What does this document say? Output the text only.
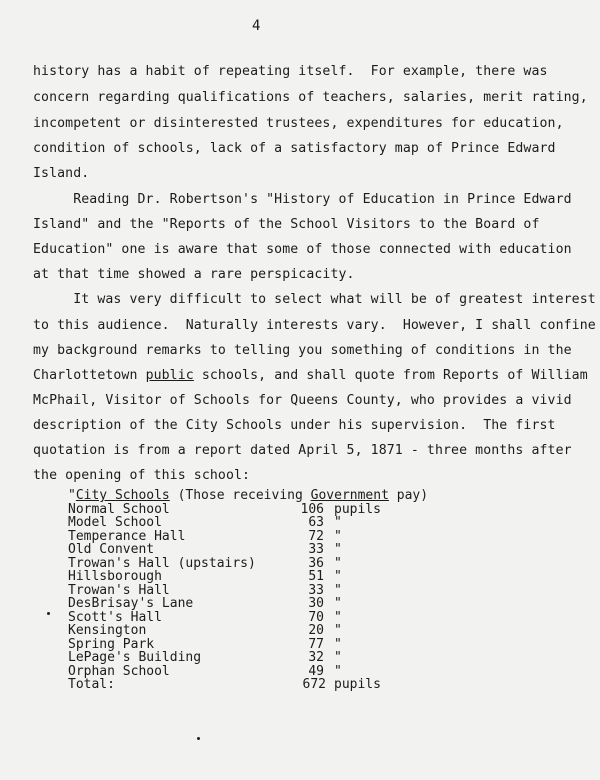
4
history has a habit of repeating itself.  For example, there was
concern regarding qualifications of teachers, salaries, merit rating,
incompetent or disinterested trustees, expenditures for education,
condition of schools, lack of a satisfactory map of Prince Edward
Island.
Reading Dr. Robertson's "History of Education in Prince Edward
Island" and the "Reports of the School Visitors to the Board of
Education" one is aware that some of those connected with education
at that time showed a rare perspicacity.
It was very difficult to select what will be of greatest interest
to this audience.  Naturally interests vary.  However, I shall confine
my background remarks to telling you something of conditions in the
Charlottetown public schools, and shall quote from Reports of William
McPhail, Visitor of Schools for Queens County, who provides a vivid
description of the City Schools under his supervision.  The first
quotation is from a report dated April 5, 1871 - three months after
the opening of this school:
"City Schools (Those receiving Government pay)
Normal School	106 pupils
Model School	63 "
Temperance Hall	72 "
Old Convent	33 "
Trowan's Hall (upstairs)	36 "
Hillsborough	51 "
Trowan's Hall	33 "
DesBrisay's Lane	30 "
Scott's Hall	70 "
Kensington	20 "
Spring Park	77 "
LePage's Building	32 "
Orphan School	49 "
Total:	672 pupils
